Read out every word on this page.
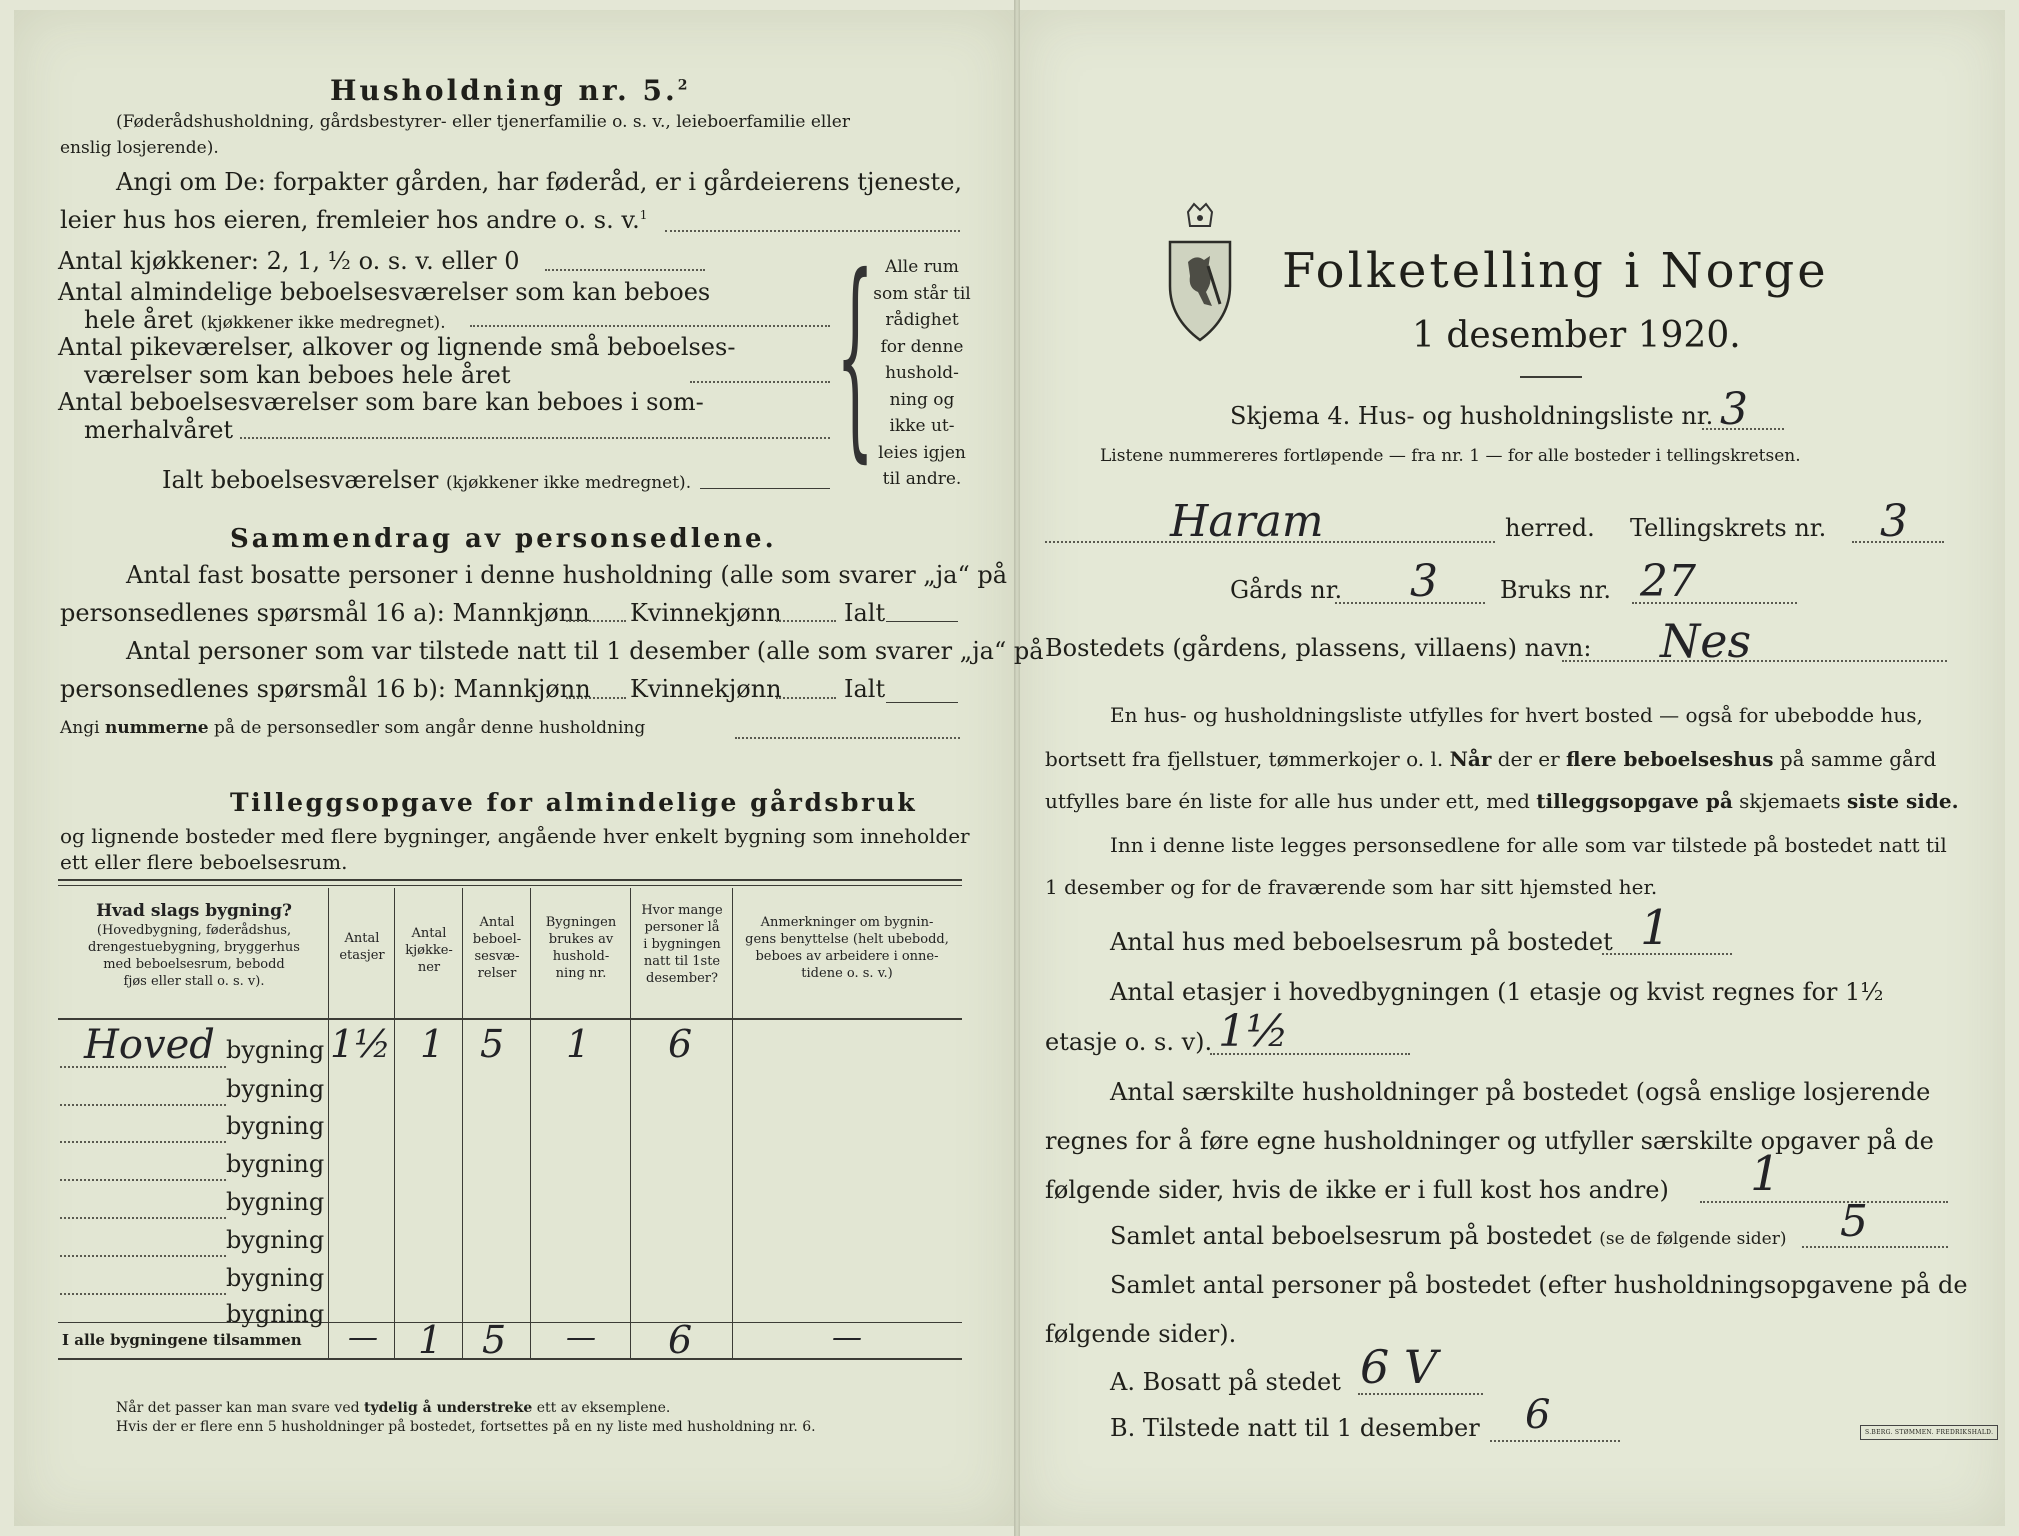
Husholdning nr. 5.$^2$
(Føderådshusholdning, gårdsbestyrer- eller tjenerfamilie o. s. v., leieboerfamilie eller
enslig losjerende).
Angi om De: forpakter gården, har føderåd, er i gårdeierens tjeneste,
leier hus hos eieren, fremleier hos andre o. s. v.$^1$
Antal kjøkkener: 2, 1, ½ o. s. v. eller 0
Antal almindelige beboelsesværelser som kan beboes
hele året (kjøkkener ikke medregnet).
Antal pikeværelser, alkover og lignende små beboelses-
værelser som kan beboes hele året
Antal beboelsesværelser som bare kan beboes i som-
merhalvåret
Ialt beboelsesværelser (kjøkkener ikke medregnet). { Alle rum
som står til
rådighet
for denne
hushold-
ning og
ikke ut-
leies igjen
til andre.
Sammendrag av personsedlene.
Antal fast bosatte personer i denne husholdning (alle som svarer „ja“ på
personsedlenes spørsmål 16 a): Mannkjønn Kvinnekjønn	Ialt
Antal personer som var tilstede natt til 1 desember (alle som svarer „ja“ på
personsedlenes spørsmål 16 b): Mannkjønn Kvinnekjønn	Ialt
Angi nummerne på de personsedler som angår denne husholdning
Tilleggsopgave for almindelige gårdsbruk
og lignende bosteder med flere bygninger, angående hver enkelt bygning som inneholder
ett eller flere beboelsesrum.
Hvad slags bygning?
(Hovedbygning, føderådshus,
drengestuebygning, bryggerhus
med beboelsesrum, bebodd
fjøs eller stall o. s. v).
Antal
etasjer
Antal
kjøkke-
ner
Antal
beboel-
sesvæ-
relser
Bygningen
brukes av
hushold-
ning nr.
Hvor mange
personer lå
i bygningen
natt til 1ste
desember?
Anmerkninger om bygnin-
gens benyttelse (helt ubebodd,
beboes av arbeidere i onne-
tidene o. s. v.)
Hoved bygning 1½ 1 5 1 6
bygning
bygning
bygning
bygning
bygning
bygning
bygning
I alle bygningene tilsammen — 1 5 — 6	—
Når det passer kan man svare ved tydelig å understreke ett av eksemplene.
Hvis der er flere enn 5 husholdninger på bostedet, fortsettes på en ny liste med husholdning nr. 6.
Folketelling i Norge
1 desember 1920.
Skjema 4. Hus- og husholdningsliste nr. 3
Listene nummereres fortløpende — fra nr. 1 — for alle bosteder i tellingskretsen.
Haram	herred. Tellingskrets nr. 3
Gårds nr. 3	Bruks nr. 27
Bostedets (gårdens, plassens, villaens) navn: Nes
En hus- og husholdningsliste utfylles for hvert bosted — også for ubebodde hus,
bortsett fra fjellstuer, tømmerkojer o. l. Når der er flere beboelseshus på samme gård
utfylles bare én liste for alle hus under ett, med tilleggsopgave på skjemaets siste side.
Inn i denne liste legges personsedlene for alle som var tilstede på bostedet natt til
1 desember og for de fraværende som har sitt hjemsted her.
Antal hus med beboelsesrum på bostedet 1
Antal etasjer i hovedbygningen (1 etasje og kvist regnes for 1½
etasje o. s. v). 1½
Antal særskilte husholdninger på bostedet (også enslige losjerende
regnes for å føre egne husholdninger og utfyller særskilte opgaver på de
følgende sider, hvis de ikke er i full kost hos andre) 1
Samlet antal beboelsesrum på bostedet (se de følgende sider) 5
Samlet antal personer på bostedet (efter husholdningsopgavene på de
følgende sider).
A. Bosatt på stedet 6 V
B. Tilstede natt til 1 desember 6	S.BERG. STØMMEN. FREDRIKSHALD.
